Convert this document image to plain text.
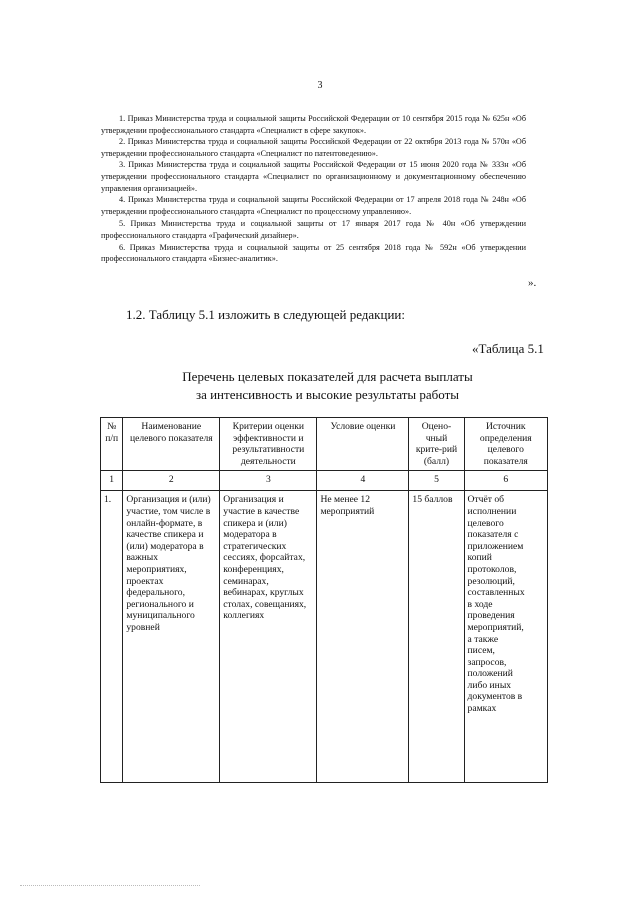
3

1. Приказ Министерства труда и социальной защиты Российской Федерации от 10 сентября 2015 года № 625н «Об утверждении профессионального стандарта «Специалист в сфере закупок».

2. Приказ Министерства труда и социальной защиты Российской Федерации от 22 октября 2013 года № 570н «Об утверждении профессионального стандарта «Специалист по патентоведению».

3. Приказ Министерства труда и социальной защиты Российской Федерации от 15 июня 2020 года № 333н «Об утверждении профессионального стандарта «Специалист по организационному и документационному обеспечению управления организацией».

4. Приказ Министерства труда и социальной защиты Российской Федерации от 17 апреля 2018 года № 248н «Об утверждении профессионального стандарта «Специалист по процессному управлению».

5. Приказ Министерства труда и социальной защиты от 17 января 2017 года № 40н «Об утверждении профессионального стандарта «Графический дизайнер».

6. Приказ Министерства труда и социальной защиты от 25 сентября 2018 года № 592н «Об утверждении профессионального стандарта «Бизнес-аналитик».

».
1.2. Таблицу 5.1 изложить в следующей редакции:
«Таблица 5.1
Перечень целевых показателей для расчета выплаты
за интенсивность и высокие результаты работы
№ п/п	Наименование целевого показателя	Критерии оценки эффективности и результативности деятельности	Условие оценки	Оцено-чный крите-рий (балл)	Источник определения целевого показателя
1	2	3	4	5	6
1.	Организация и (или) участие, том числе в онлайн-формате, в качестве спикера и (или) модератора в важных мероприятиях, проектах федерального, регионального и муниципального уровней	Организация и участие в качестве спикера и (или) модератора в стратегических сессиях, форсайтах, конференциях, семинарах, вебинарах, круглых столах, совещаниях, коллегиях	Не менее 12 мероприятий	15 баллов	Отчёт об исполнении целевого показателя с приложением копий протоколов, резолюций, составленных в ходе проведения мероприятий, а также писем, запросов, положений либо иных документов в рамках
